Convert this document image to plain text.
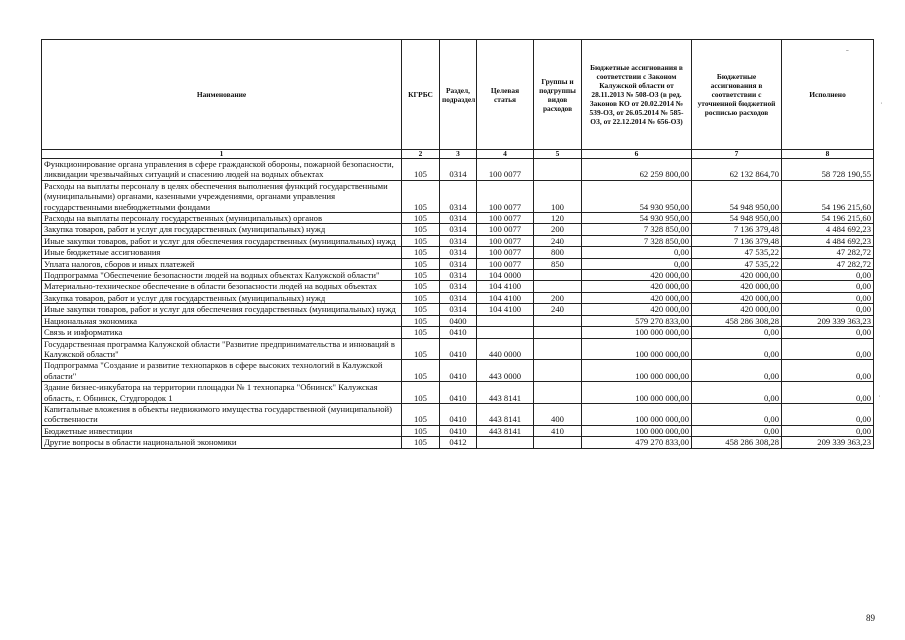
Наименование	КГРБС	Раздел, подраздел	Целевая статья	Группы и подгруппы видов расходов	Бюджетные ассигнования в соответствии с Законом Калужской области от 28.11.2013 № 508-ОЗ (в ред. Законов КО от 20.02.2014 № 539-ОЗ, от 26.05.2014 № 585-ОЗ, от 22.12.2014 № 656-ОЗ)	Бюджетные ассигнования в соответствии с уточненной бюджетной росписью расходов	Исполнено
1	2	3	4	5	6	7	8
Функционирование органа управления в сфере гражданской обороны, пожарной безопасности, ликвидации чрезвычайных ситуаций и спасению людей на водных объектах	105	0314	100 0077		62 259 800,00	62 132 864,70	58 728 190,55
Расходы на выплаты персоналу в целях обеспечения выполнения функций государственными (муниципальными) органами, казенными учреждениями, органами управления государственными внебюджетными фондами	105	0314	100 0077	100	54 930 950,00	54 948 950,00	54 196 215,60
Расходы на выплаты персоналу государственных (муниципальных) органов	105	0314	100 0077	120	54 930 950,00	54 948 950,00	54 196 215,60
Закупка товаров, работ и услуг для государственных (муниципальных) нужд	105	0314	100 0077	200	7 328 850,00	7 136 379,48	4 484 692,23
Иные закупки товаров, работ и услуг для обеспечения государственных (муниципальных) нужд	105	0314	100 0077	240	7 328 850,00	7 136 379,48	4 484 692,23
Иные бюджетные ассигнования	105	0314	100 0077	800	0,00	47 535,22	47 282,72
Уплата налогов, сборов и иных платежей	105	0314	100 0077	850	0,00	47 535,22	47 282,72
Подпрограмма "Обеспечение безопасности людей на водных объектах Калужской области"	105	0314	104 0000		420 000,00	420 000,00	0,00
Материально-техническое обеспечение в области безопасности людей на водных объектах	105	0314	104 4100		420 000,00	420 000,00	0,00
Закупка товаров, работ и услуг для государственных (муниципальных) нужд	105	0314	104 4100	200	420 000,00	420 000,00	0,00
Иные закупки товаров, работ и услуг для обеспечения государственных (муниципальных) нужд	105	0314	104 4100	240	420 000,00	420 000,00	0,00
Национальная экономика	105	0400			579 270 833,00	458 286 308,28	209 339 363,23
Связь и информатика	105	0410			100 000 000,00	0,00	0,00
Государственная программа Калужской области "Развитие предпринимательства и инноваций в Калужской области"	105	0410	440 0000		100 000 000,00	0,00	0,00
Подпрограмма "Создание и развитие технопарков в сфере высоких технологий в Калужской области"	105	0410	443 0000		100 000 000,00	0,00	0,00
Здание бизнес-инкубатора на территории площадки № 1 технопарка "Обнинск" Калужская область, г. Обнинск, Студгородок 1	105	0410	443 8141		100 000 000,00	0,00	0,00
Капитальные вложения в объекты недвижимого имущества государственной (муниципальной) собственности	105	0410	443 8141	400	100 000 000,00	0,00	0,00
Бюджетные инвестиции	105	0410	443 8141	410	100 000 000,00	0,00	0,00
Другие вопросы в области национальной экономики	105	0412			479 270 833,00	458 286 308,28	209 339 363,23
ˉ
˙
˙
89
